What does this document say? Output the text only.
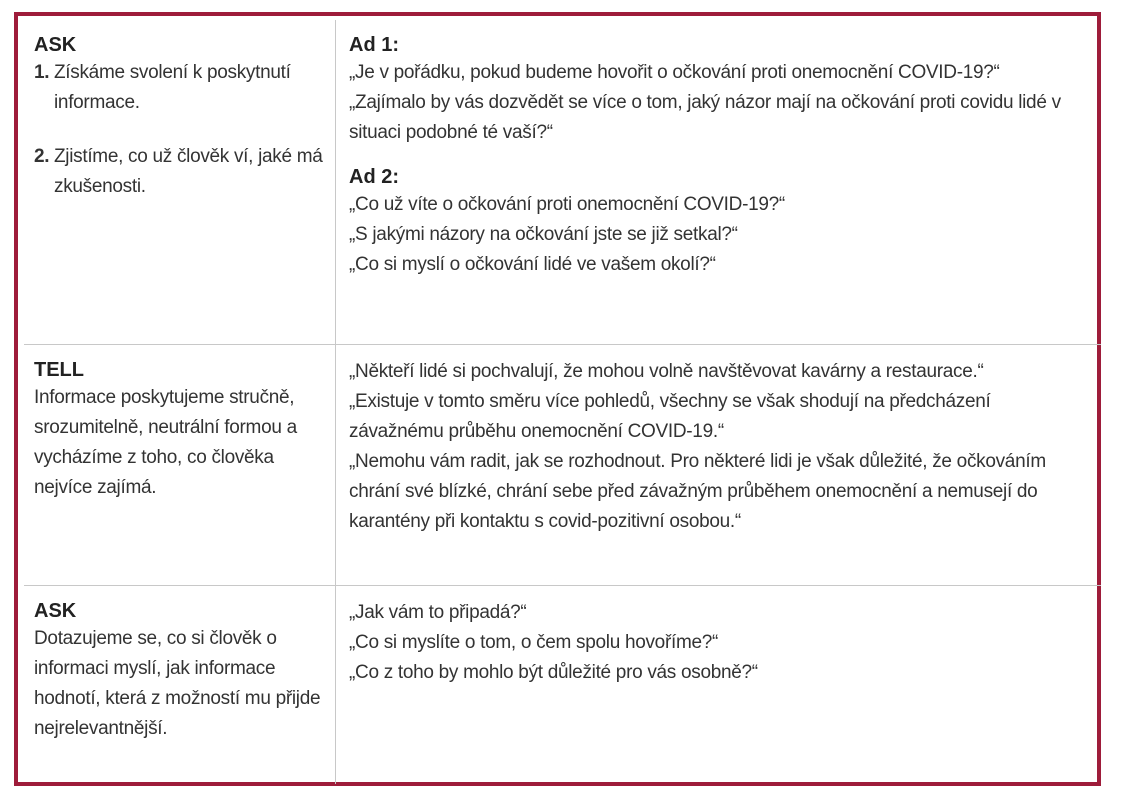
ASK
1. Získáme svolení k poskytnutí informace.
2. Zjistíme, co už člověk ví, jaké má zkušenosti.
Ad 1:
„Je v pořádku, pokud budeme hovořit o očkování proti onemocnění COVID-19?“
„Zajímalo by vás dozvědět se více o tom, jaký názor mají na očkování proti covidu lidé v situaci podobné té vaší?“
Ad 2:
„Co už víte o očkování proti onemocnění COVID-19?“
„S jakými názory na očkování jste se již setkal?“
„Co si myslí o očkování lidé ve vašem okolí?“
TELL
Informace poskytujeme stručně, srozumitelně, neutrální formou a vycházíme z toho, co člověka nejvíce zajímá.
„Někteří lidé si pochvalují, že mohou volně navštěvovat kavárny a restaurace.“
„Existuje v tomto směru více pohledů, všechny se však shodují na předcházení závažnému průběhu onemocnění COVID-19.“
„Nemohu vám radit, jak se rozhodnout. Pro některé lidi je však důležité, že očkováním chrání své blízké, chrání sebe před závažným průběhem onemocnění a nemusejí do karantény při kontaktu s covid-pozitivní osobou.“
ASK
Dotazujeme se, co si člověk o informaci myslí, jak informace hodnotí, která z možností mu přijde nejrelevantnější.
„Jak vám to připadá?“
„Co si myslíte o tom, o čem spolu hovoříme?“
„Co z toho by mohlo být důležité pro vás osobně?“
